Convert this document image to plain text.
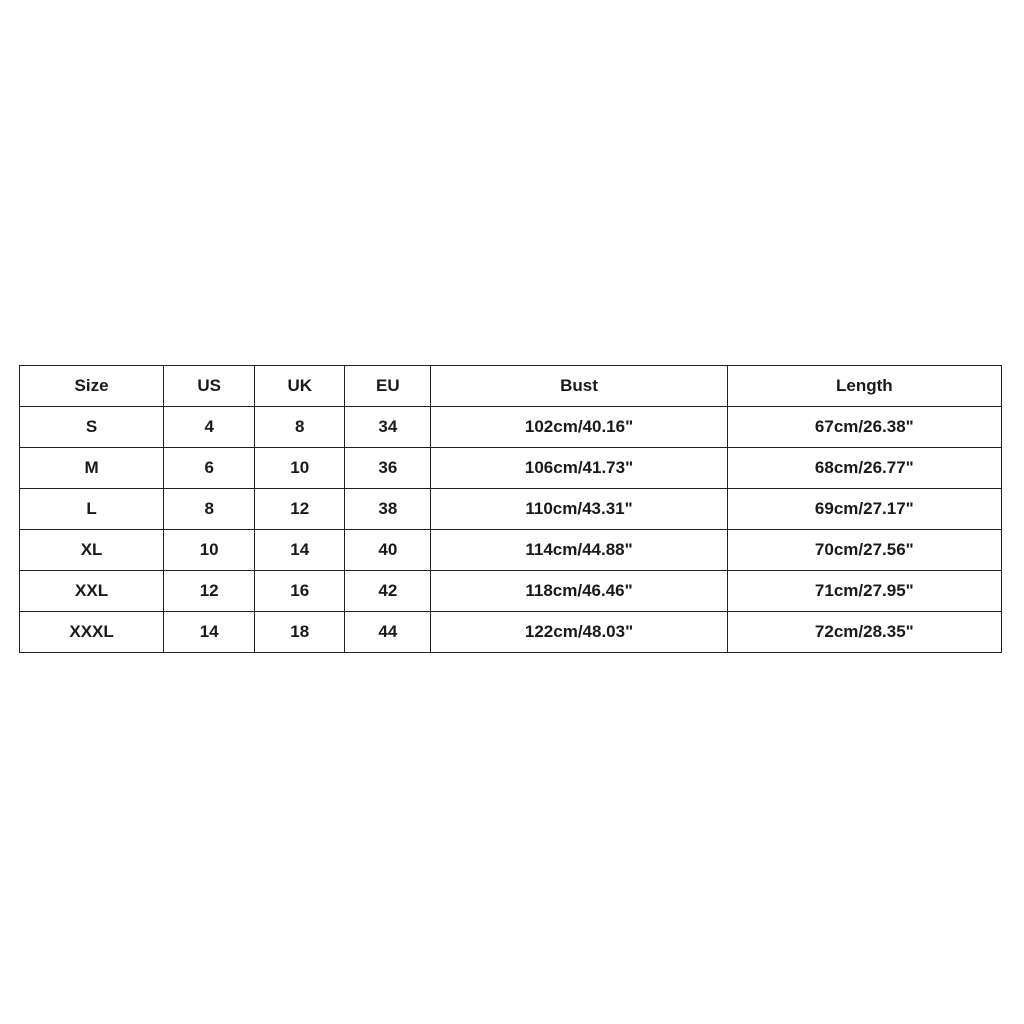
Size	US	UK	EU	Bust	Length
S	4	8	34	102cm/40.16"	67cm/26.38"
M	6	10	36	106cm/41.73"	68cm/26.77"
L	8	12	38	110cm/43.31"	69cm/27.17"
XL	10	14	40	114cm/44.88"	70cm/27.56"
XXL	12	16	42	118cm/46.46"	71cm/27.95"
XXXL	14	18	44	122cm/48.03"	72cm/28.35"
